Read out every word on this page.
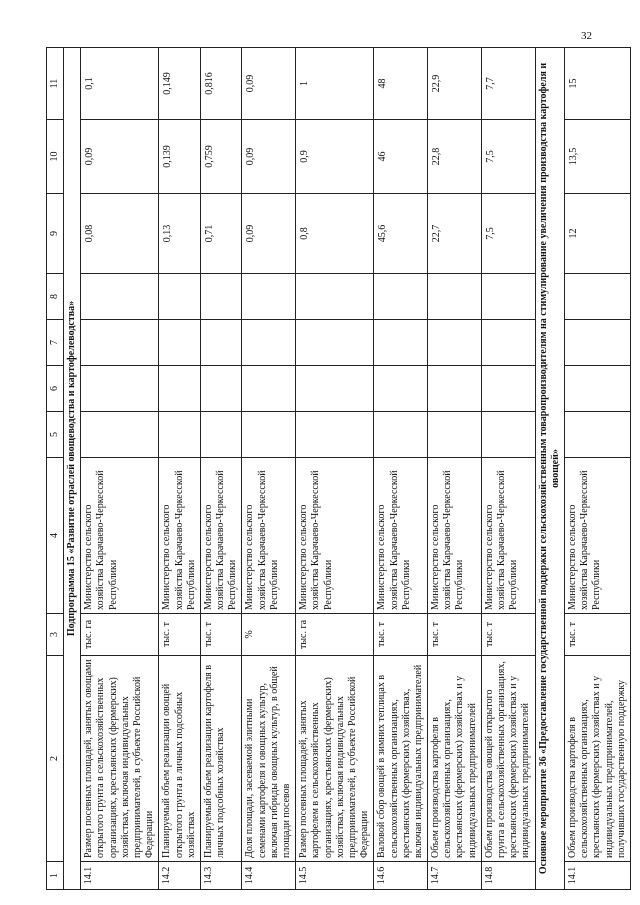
32
1	2	3	4	5	6	7	8	9	10	11
Подпрограмма 15 «Развитие отраслей овощеводства и картофелеводства»										
14.1	Размер посевных площадей, занятых овощами открытого грунта в сельскохозяйственных организациях, крестьянских (фермерских) хозяйствах, включая индивидуальных предпринимателей, в субъекте Российской Федерации	тыс. га	Министерство сельского хозяйства Карачаево-Черкесской Республики					0,08	0,09	0,1
14.2	Планируемый объем реализации овощей открытого грунта в личных подсобных хозяйствах	тыс. т	Министерство сельского хозяйства Карачаево-Черкесской Республики					0,13	0,139	0,149
14.3	Планируемый объем реализации картофеля в личных подсобных хозяйствах	тыс. т	Министерство сельского хозяйства Карачаево-Черкесской Республики					0,71	0,759	0,816
14.4	Доля площади, засеваемой элитными семенами картофеля и овощных культур, включая гибриды овощных культур, в общей площади посевов	%	Министерство сельского хозяйства Карачаево-Черкесской Республики					0,09	0,09	0,09
14.5	Размер посевных площадей, занятых картофелем в сельскохозяйственных организациях, крестьянских (фермерских) хозяйствах, включая индивидуальных предпринимателей, в субъекте Российской Федерации	тыс. га	Министерство сельского хозяйства Карачаево-Черкесской Республики					0,8	0,9	1
14.6	Валовой сбор овощей в зимних теплицах в сельскохозяйственных организациях, крестьянских (фермерских) хозяйствах, включая индивидуальных предпринимателей	тыс. т	Министерство сельского хозяйства Карачаево-Черкесской Республики					45,6	46	48
14.7	Объем производства картофеля в сельскохозяйственных организациях, крестьянских (фермерских) хозяйствах и у индивидуальных предпринимателей	тыс. т	Министерство сельского хозяйства Карачаево-Черкесской Республики					22,7	22,8	22,9
14.8	Объем производства овощей открытого грунта в сельскохозяйственных организациях, крестьянских (фермерских) хозяйствах и у индивидуальных предпринимателей	тыс. т	Министерство сельского хозяйства Карачаево-Черкесской Республики					7,5	7,5	7,7
Основное мероприятие 36 «Предоставление государственной поддержки сельскохозяйственным товаропроизводителям на стимулирование увеличения производства картофеля и овощей»										
14.1	Объем производства картофеля в сельскохозяйственных организациях, крестьянских (фермерских) хозяйствах и у индивидуальных предпринимателей, получивших государственную поддержку	тыс. т	Министерство сельского хозяйства Карачаево-Черкесской Республики					12	13,5	15
